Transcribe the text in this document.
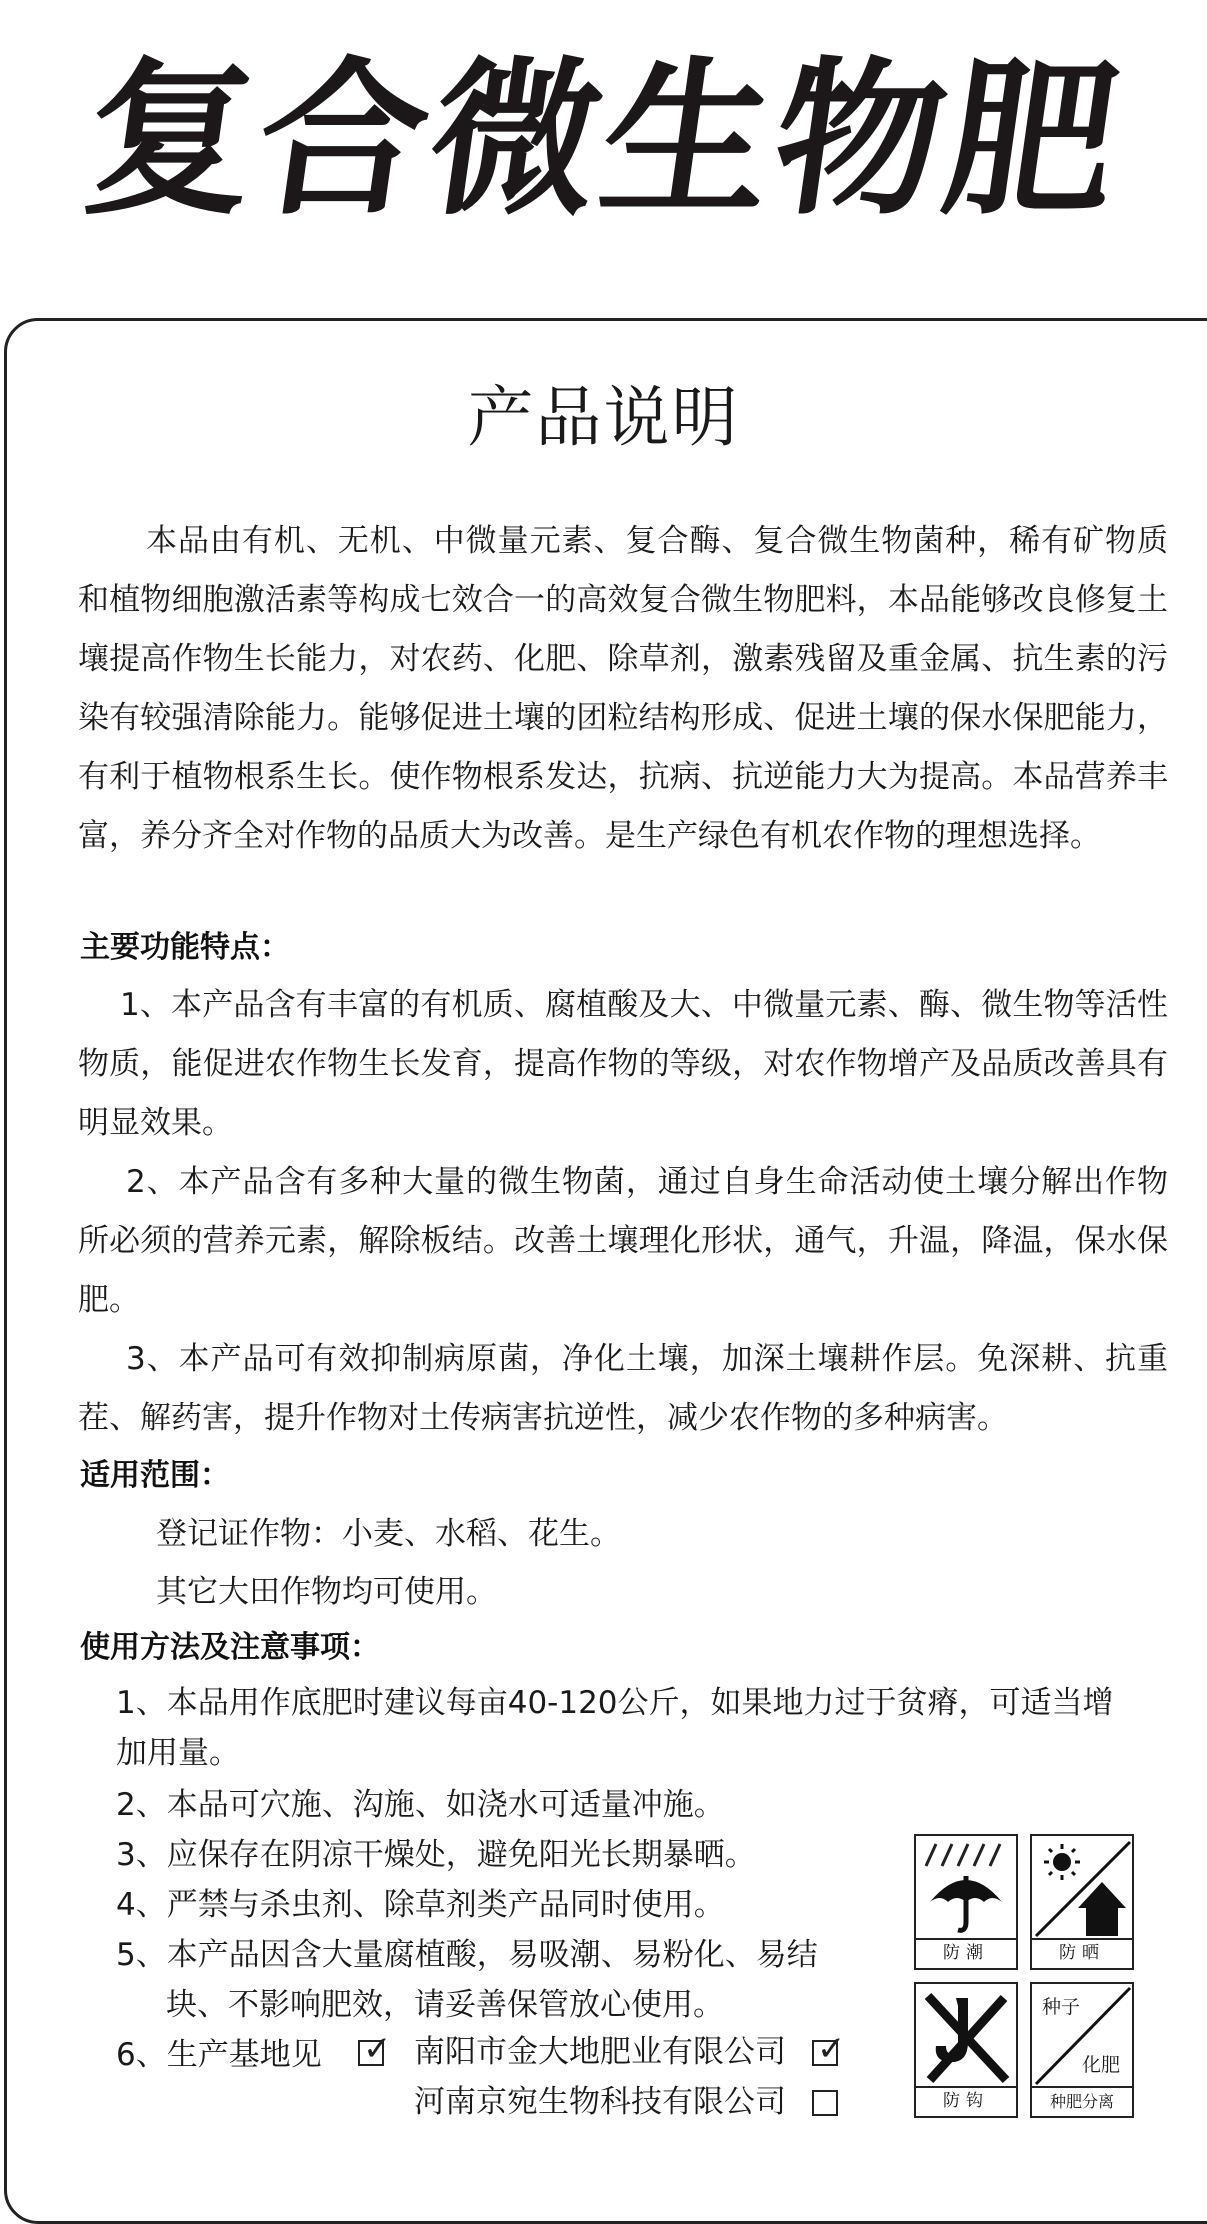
复合微生物肥
产品说明
本品由有机、无机、中微量元素、复合酶、复合微生物菌种，稀有矿物质和植物细胞激活素等构成七效合一的高效复合微生物肥料，本品能够改良修复土壤提高作物生长能力，对农药、化肥、除草剂，激素残留及重金属、抗生素的污染有较强清除能力。能够促进土壤的团粒结构形成、促进土壤的保水保肥能力，有利于植物根系生长。使作物根系发达，抗病、抗逆能力大为提高。本品营养丰富，养分齐全对作物的品质大为改善。是生产绿色有机农作物的理想选择。
主要功能特点：
1、本产品含有丰富的有机质、腐植酸及大、中微量元素、酶、微生物等活性物质，能促进农作物生长发育，提高作物的等级，对农作物增产及品质改善具有明显效果。
2、本产品含有多种大量的微生物菌，通过自身生命活动使土壤分解出作物所必须的营养元素，解除板结。改善土壤理化形状，通气，升温，降温，保水保肥。
3、本产品可有效抑制病原菌，净化土壤，加深土壤耕作层。免深耕、抗重茬、解药害，提升作物对土传病害抗逆性，减少农作物的多种病害。
适用范围：
登记证作物：小麦、水稻、花生。
其它大田作物均可使用。
使用方法及注意事项：
1、本品用作底肥时建议每亩40-120公斤，如果地力过于贫瘠，可适当增
加用量。
2、本品可穴施、沟施、如浇水可适量冲施。
3、应保存在阴凉干燥处，避免阳光长期暴晒。
4、严禁与杀虫剂、除草剂类产品同时使用。
5、本产品因含大量腐植酸，易吸潮、易粉化、易结
块、不影响肥效，请妥善保管放心使用。
6、生产基地见 ✓ 南阳市金大地肥业有限公司 ✓
河南京宛生物科技有限公司
防潮	防晒
防钩
种子
化肥
种肥分离
